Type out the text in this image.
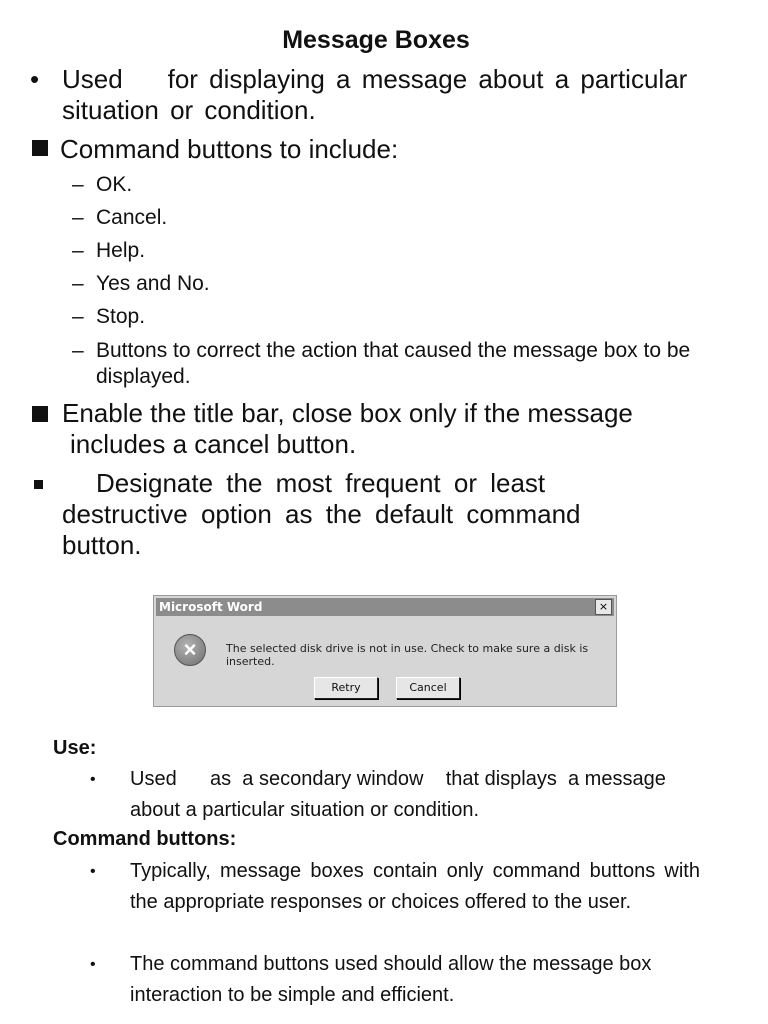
Message Boxes
• Used    for displaying a message about a particular  situation or condition.
Command buttons to include:
– OK.
– Cancel.
– Help.
– Yes and No.
– Stop.
– Buttons to correct the action that caused the message box to be displayed.
Enable the title bar, close box only if the message
includes a cancel button.
Designate the most frequent or least
destructive option as the default command button.
Microsoft Word	×
×	The selected disk drive is not in use. Check to make sure a disk is inserted.
Retry	Cancel
Use:
• Used      as  a secondary window    that displays  a message  about a particular situation or condition.
Command buttons:
• Typically, message boxes contain only command buttons with the appropriate responses or choices offered to the user.
• The command buttons used should allow the message box interaction to be simple and efficient.
